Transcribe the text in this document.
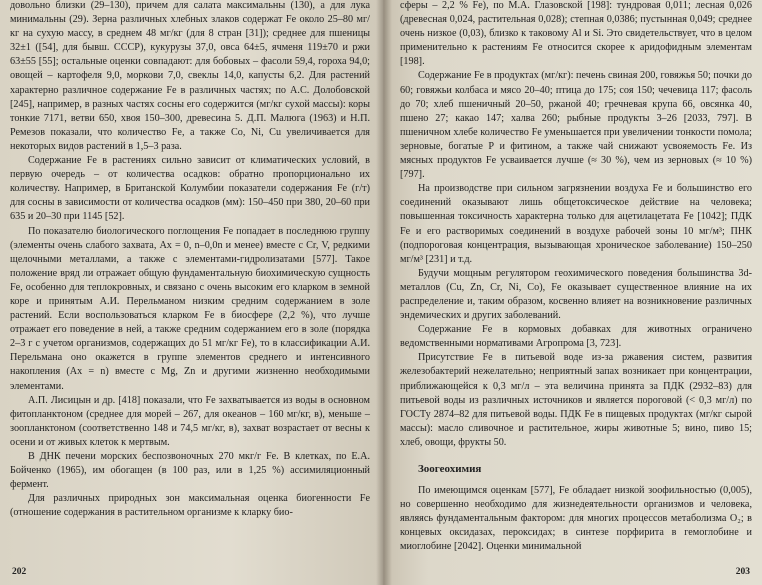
довольно близки (29–130), причем для салата максимальны (130), а для лука минимальны (29). Зерна различных хлебных злаков содержат Fe около 25–80 мг/кг на сухую массу, в среднем 48 мг/кг (для 8 стран [31]); среднее для пшеницы 32±1 ([54], для бывш. СССР), кукурузы 37,0, овса 64±5, ячменя 119±70 и ржи 63±55 [55]; остальные оценки совпадают: для бобовых – фасоли 59,4, гороха 94,0; овощей – картофеля 9,0, моркови 7,0, свеклы 14,0, капусты 6,2. Для растений характерно различное содержание Fe в различных частях; по А.С. Долобовской [245], например, в разных частях сосны его содержится (мг/кг сухой массы): коры тонкие 7171, ветви 650, хвоя 150–300, древесина 5. Д.П. Малюга (1963) и Н.П. Ремезов показали, что количество Fe, а также Co, Ni, Cu увеличивается для некоторых видов растений в 1,5–3 раза.

Содержание Fe в растениях сильно зависит от климатических условий, в первую очередь – от количества осадков: обратно пропорционально их количеству. Например, в Британской Колумбии показатели содержания Fe (г/т) для сосны в зависимости от количества осадков (мм): 150–450 при 380, 20–60 при 635 и 20–30 при 1145 [52].

По показателю биологического поглощения Fe попадает в последнюю группу (элементы очень слабого захвата, Ах = 0, n–0,0n и менее) вместе с Cr, V, редкими щелочными металлами, а также с элементами-гидролизатами [577]. Такое положение вряд ли отражает общую фундаментальную биохимическую сущность Fe, особенно для теплокровных, и связано с очень высоким его кларком в земной коре и принятым А.И. Перельманом низким средним содержанием в золе растений. Если воспользоваться кларком Fe в биосфере (2,2 %), что лучше отражает его поведение в ней, а также средним содержанием его в золе (порядка 2–3 г с учетом организмов, содержащих до 51 мг/кг Fe), то в классификации А.И. Перельмана оно окажется в группе элементов среднего и интенсивного накопления (Ах = n) вместе с Mg, Zn и другими жизненно необходимыми элементами.

А.П. Лисицын и др. [418] показали, что Fe захватывается из воды в основном фитопланктоном (среднее для морей – 267, для океанов – 160 мг/кг, в), меньше – зоопланктоном (соответственно 148 и 74,5 мг/кг, в), захват возрастает от весны к осени и от живых клеток к мертвым.

В ДНК печени морских беспозвоночных 270 мкг/г Fe. В клетках, по Е.А. Бойченко (1965), им обогащен (в 100 раз, или в 1,25 %) ассимиляционный фермент.

Для различных природных зон максимальная оценка биогенности Fe (отношение содержания в растительном организме к кларку био-

202

сферы – 2,2 % Fe), по М.А. Глазовской [198]: тундровая 0,011; лесная 0,026 (древесная 0,024, растительная 0,028); степная 0,0386; пустынная 0,049; среднее очень низкое (0,03), близко к таковому Al и Si. Это свидетельствует, что в целом применительно к растениям Fe относится скорее к аридофидным элементам [198].

Содержание Fe в продуктах (мг/кг): печень свиная 200, говяжья 50; почки до 60; говяжьи колбаса и мясо 20–40; птица до 175; соя 150; чечевица 117; фасоль до 70; хлеб пшеничный 20–50, ржаной 40; гречневая крупа 66, овсянка 40, пшено 27; какао 147; халва 260; рыбные продукты 3–26 [2033, 797]. В пшеничном хлебе количество Fe уменьшается при увеличении тонкости помола; зерновые, богатые Р и фитином, а также чай снижают усвояемость Fe. Из мясных продуктов Fe усваивается лучше (≈ 30 %), чем из зерновых (≈ 10 %) [797].

На производстве при сильном загрязнении воздуха Fe и большинство его соединений оказывают лишь общетоксическое действие на человека; повышенная токсичность характерна только для ацетилацетата Fe [1042]; ПДК Fe и его растворимых соединений в воздухе рабочей зоны 10 мг/м³; ПНК (подпороговая концентрация, вызывающая хроническое заболевание) 150–250 мг/м³ [231] и т.д.

Будучи мощным регулятором геохимического поведения большинства 3d-металлов (Cu, Zn, Cr, Ni, Co), Fe оказывает существенное влияние на их распределение и, таким образом, косвенно влияет на возникновение различных эндемических и других заболеваний.

Содержание Fe в кормовых добавках для животных ограничено ведомственными нормативами Агропрома [3, 723].

Присутствие Fe в питьевой воде из-за ржавения систем, развития железобактерий нежелательно; неприятный запах возникает при концентрации, приближающейся к 0,3 мг/л – эта величина принята за ПДК (2932–83) для питьевой воды из различных источников и является пороговой (< 0,3 мг/л) по ГОСТу 2874–82 для питьевой воды. ПДК Fe в пищевых продуктах (мг/кг сырой массы): масло сливочное и растительное, жиры животные 5; вино, пиво 15; хлеб, овощи, фрукты 50.

Зоогеохимия

По имеющимся оценкам [577], Fe обладает низкой зоофильностью (0,005), но совершенно необходимо для жизнедеятельности организмов и человека, являясь фундаментальным фактором: для многих процессов метаболизма O₂; в концевых оксидазах, пероксидах; в синтезе порфирита в гемоглобине и миоглобине [2042]. Оценки минимальной

203
